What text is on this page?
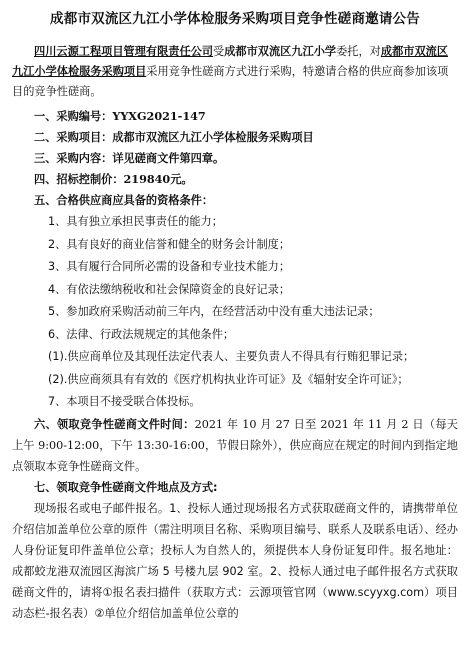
成都市双流区九江小学体检服务采购项目竞争性磋商邀请公告

四川云源工程项目管理有限责任公司受成都市双流区九江小学委托，对成都市双流区九江小学体检服务采购项目采用竞争性磋商方式进行采购，特邀请合格的供应商参加该项目的竞争性磋商。

一、采购编号：YYXG2021-147

二、采购项目：成都市双流区九江小学体检服务采购项目

三、采购内容：详见磋商文件第四章。

四、招标控制价：219840元。

五、合格供应商应具备的资格条件：

1、具有独立承担民事责任的能力；

2、具有良好的商业信誉和健全的财务会计制度；

3、具有履行合同所必需的设备和专业技术能力；

4、有依法缴纳税收和社会保障资金的良好记录；

5、参加政府采购活动前三年内，在经营活动中没有重大违法记录；

6、法律、行政法规规定的其他条件；

(1).供应商单位及其现任法定代表人、主要负责人不得具有行贿犯罪记录；

(2).供应商须具有有效的《医疗机构执业许可证》及《辐射安全许可证》；

7、本项目不接受联合体投标。

六、领取竞争性磋商文件时间：2021 年 10 月 27 日至 2021 年 11 月 2 日（每天上午 9:00-12:00，下午 13:30-16:00，节假日除外），供应商应在规定的时间内到指定地点领取本竞争性磋商文件。

七、领取竞争性磋商文件地点及方式:

现场报名或电子邮件报名。1、投标人通过现场报名方式获取磋商文件的，请携带单位介绍信加盖单位公章的原件（需注明项目名称、采购项目编号、联系人及联系电话）、经办人身份证复印件盖单位公章；投标人为自然人的，须提供本人身份证复印件。报名地址：成都蛟龙港双流园区海滨广场 5 号楼九层 902 室。2、投标人通过电子邮件报名方式获取磋商文件的，请将①报名表扫描件（获取方式：云源项管官网（www.scyyxg.com）项目动态栏-报名表）②单位介绍信加盖单位公章的
